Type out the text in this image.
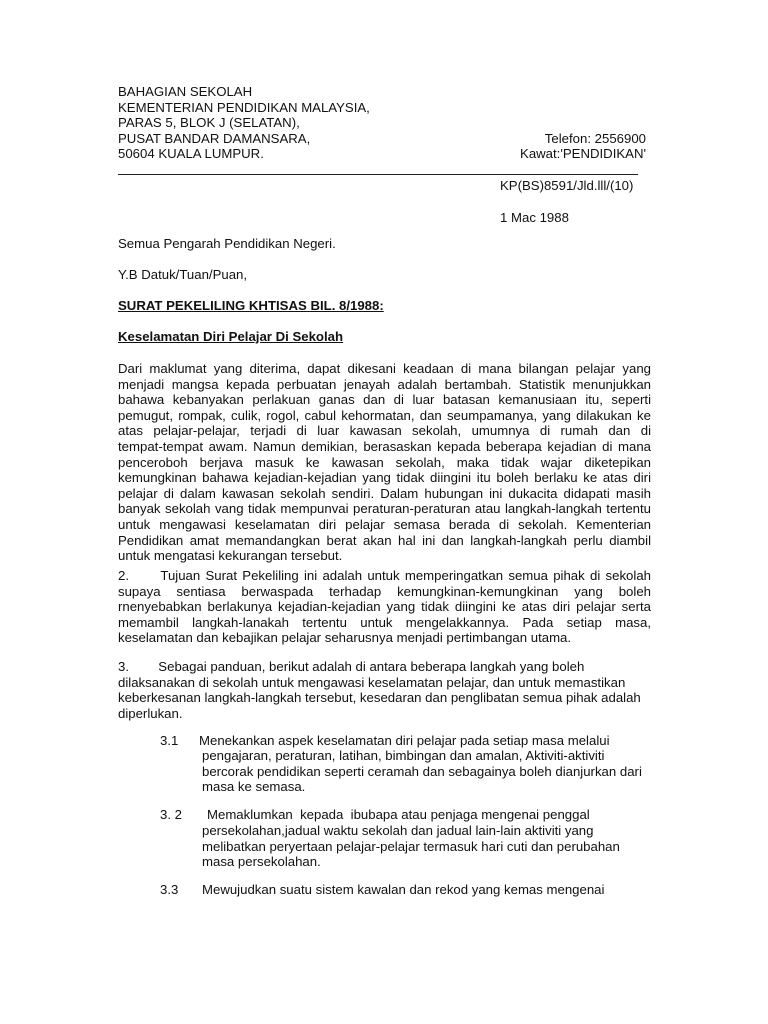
BAHAGIAN SEKOLAH
KEMENTERIAN PENDIDIKAN MALAYSIA,
PARAS 5, BLOK J (SELATAN),
PUSAT BANDAR DAMANSARA,
50604 KUALA LUMPUR.
Telefon: 2556900
Kawat:'PENDIDIKAN'
KP(BS)8591/Jld.lll/(10)
1 Mac 1988
Semua Pengarah Pendidikan Negeri.
Y.B Datuk/Tuan/Puan,
SURAT PEKELILING KHTISAS BIL. 8/1988:
Keselamatan Diri Pelajar Di Sekolah
Dari maklumat yang diterima, dapat dikesani keadaan di mana bilangan pelajar yang
menjadi mangsa kepada perbuatan jenayah adalah bertambah. Statistik menunjukkan
bahawa kebanyakan perlakuan ganas dan di luar batasan kemanusiaan itu, seperti
pemugut, rompak, culik, rogol, cabul kehormatan, dan seumpamanya, yang dilakukan ke
atas pelajar-pelajar, terjadi di luar kawasan sekolah, umumnya di rumah dan di
tempat-tempat awam. Namun demikian, berasaskan kepada beberapa kejadian di mana
penceroboh berjava masuk ke kawasan sekolah, maka tidak wajar diketepikan
kemungkinan bahawa kejadian-kejadian yang tidak diingini itu boleh berlaku ke atas diri
pelajar di dalam kawasan sekolah sendiri. Dalam hubungan ini dukacita didapati masih
banyak sekolah vang tidak mempunvai peraturan-peraturan atau langkah-langkah tertentu
untuk mengawasi keselamatan diri pelajar semasa berada di sekolah. Kementerian
Pendidikan amat memandangkan berat akan hal ini dan langkah-langkah perlu diambil
untuk mengatasi kekurangan tersebut.
2.      Tujuan Surat Pekeliling ini adalah untuk memperingatkan semua pihak di sekolah
supaya sentiasa berwaspada terhadap kemungkinan-kemungkinan yang boleh
rnenyebabkan berlakunya kejadian-kejadian yang tidak diingini ke atas diri pelajar serta
memambil langkah-lanakah tertentu untuk mengelakkannya. Pada setiap masa,
keselamatan dan kebajikan pelajar seharusnya menjadi pertimbangan utama.
3.        Sebagai panduan, berikut adalah di antara beberapa langkah yang boleh
dilaksanakan di sekolah untuk mengawasi keselamatan pelajar, dan untuk memastikan
keberkesanan langkah-langkah tersebut, kesedaran dan penglibatan semua pihak adalah
diperlukan.
3.1 Menekankan aspek keselamatan diri pelajar pada setiap masa melalui
pengajaran, peraturan, latihan, bimbingan dan amalan, Aktiviti-aktiviti
bercorak pendidikan seperti ceramah dan sebagainya boleh dianjurkan dari
masa ke semasa.
3. 2 Memaklumkan  kepada  ibubapa atau penjaga mengenai penggal
persekolahan,jadual waktu sekolah dan jadual lain-lain aktiviti yang
melibatkan peryertaan pelajar-pelajar termasuk hari cuti dan perubahan
masa persekolahan.
3.3 Mewujudkan suatu sistem kawalan dan rekod yang kemas mengenai
